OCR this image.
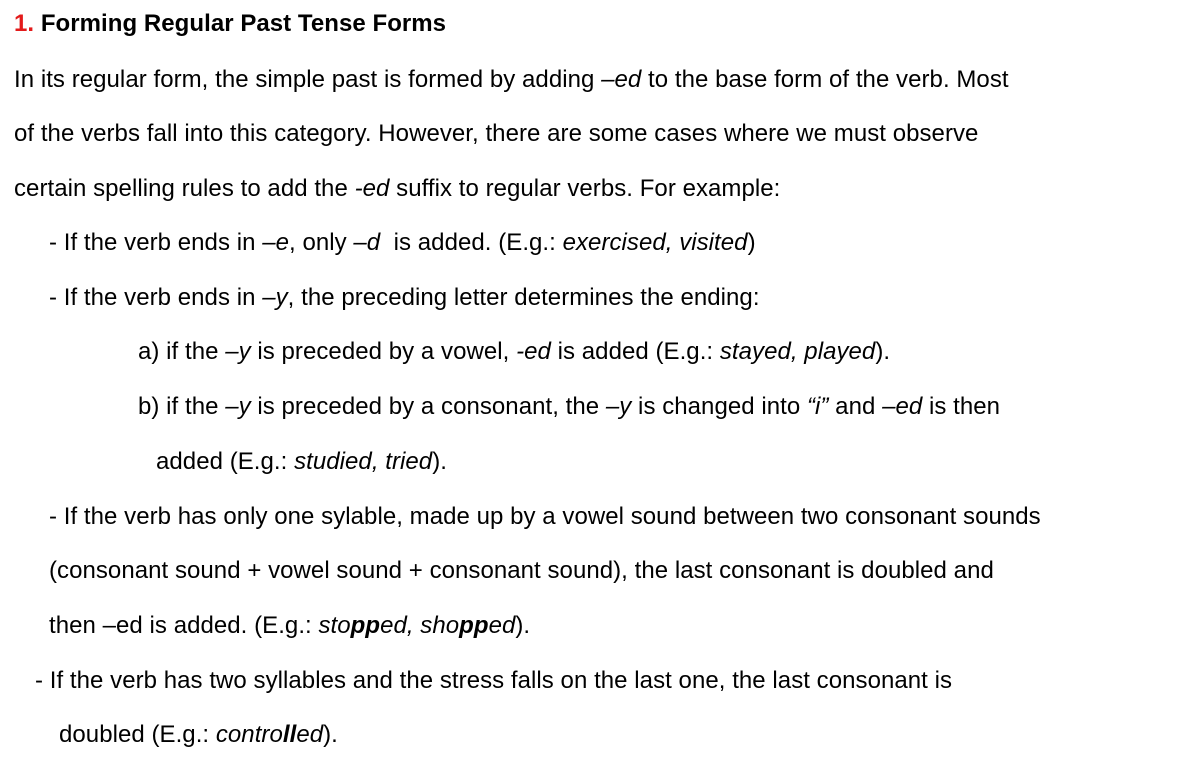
1. Forming Regular Past Tense Forms
In its regular form, the simple past is formed by adding –ed to the base form of the verb. Most
of the verbs fall into this category. However, there are some cases where we must observe
certain spelling rules to add the -ed suffix to regular verbs. For example:
- If the verb ends in –e, only –d  is added. (E.g.: exercised, visited)
- If the verb ends in –y, the preceding letter determines the ending:
a) if the –y is preceded by a vowel, -ed is added (E.g.: stayed, played).
b) if the –y is preceded by a consonant, the –y is changed into “i” and –ed is then
added (E.g.: studied, tried).
- If the verb has only one sylable, made up by a vowel sound between two consonant sounds
(consonant sound + vowel sound + consonant sound), the last consonant is doubled and
then –ed is added. (E.g.: stopped, shopped).
- If the verb has two syllables and the stress falls on the last one, the last consonant is
doubled (E.g.: controlled).
